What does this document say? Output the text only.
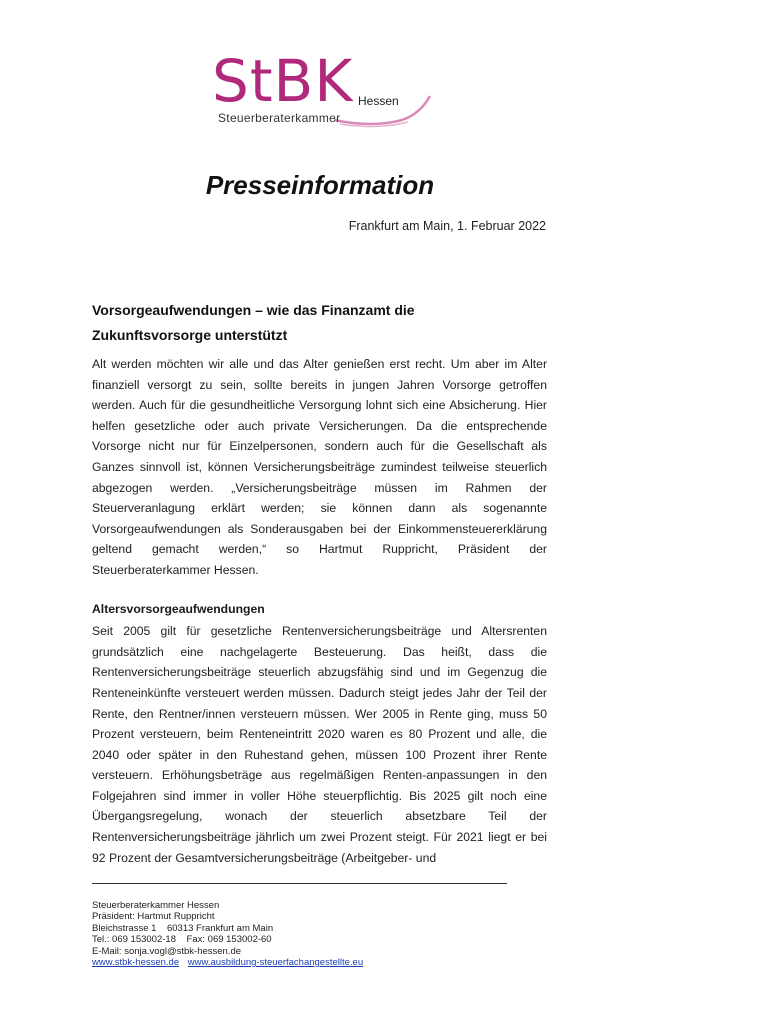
StBK Hessen
Steuerberaterkammer
Presseinformation
Frankfurt am Main, 1. Februar 2022
Vorsorgeaufwendungen – wie das Finanzamt die
Zukunftsvorsorge unterstützt

Alt werden möchten wir alle und das Alter genießen erst recht. Um aber im Alter finanziell versorgt zu sein, sollte bereits in jungen Jahren Vorsorge getroffen werden. Auch für die gesundheitliche Versorgung lohnt sich eine Absicherung. Hier helfen gesetzliche oder auch private Versicherungen. Da die entsprechende Vorsorge nicht nur für Einzelpersonen, sondern auch für die Gesellschaft als Ganzes sinnvoll ist, können Versicherungsbeiträge zumindest teilweise steuerlich abgezogen werden. „Versicherungsbeiträge müssen im Rahmen der Steuerveranlagung erklärt werden; sie können dann als sogenannte Vorsorgeaufwendungen als Sonderausgaben bei der Einkommensteuererklärung geltend gemacht werden,“ so Hartmut Ruppricht, Präsident der Steuerberaterkammer Hessen.

Altersvorsorgeaufwendungen

Seit 2005 gilt für gesetzliche Rentenversicherungsbeiträge und Altersrenten grundsätzlich eine nachgelagerte Besteuerung. Das heißt, dass die Rentenversicherungsbeiträge steuerlich abzugsfähig sind und im Gegenzug die Renteneinkünfte versteuert werden müssen. Dadurch steigt jedes Jahr der Teil der Rente, den Rentner/innen versteuern müssen. Wer 2005 in Rente ging, muss 50 Prozent versteuern, beim Renteneintritt 2020 waren es 80 Prozent und alle, die 2040 oder später in den Ruhestand gehen, müssen 100 Prozent ihrer Rente versteuern. Erhöhungsbeträge aus regelmäßigen Renten-anpassungen in den Folgejahren sind immer in voller Höhe steuerpflichtig. Bis 2025 gilt noch eine Übergangsregelung, wonach der steuerlich absetzbare Teil der Rentenversicherungsbeiträge jährlich um zwei Prozent steigt. Für 2021 liegt er bei 92 Prozent der Gesamtversicherungsbeiträge (Arbeitgeber- und

Steuerberaterkammer Hessen
Präsident: Hartmut Ruppricht
Bleichstrasse 1    60313 Frankfurt am Main
Tel.: 069 153002-18    Fax: 069 153002-60
E-Mail: sonja.vogl@stbk-hessen.de
www.stbk-hessen.de www.ausbildung-steuerfachangestellte.eu
